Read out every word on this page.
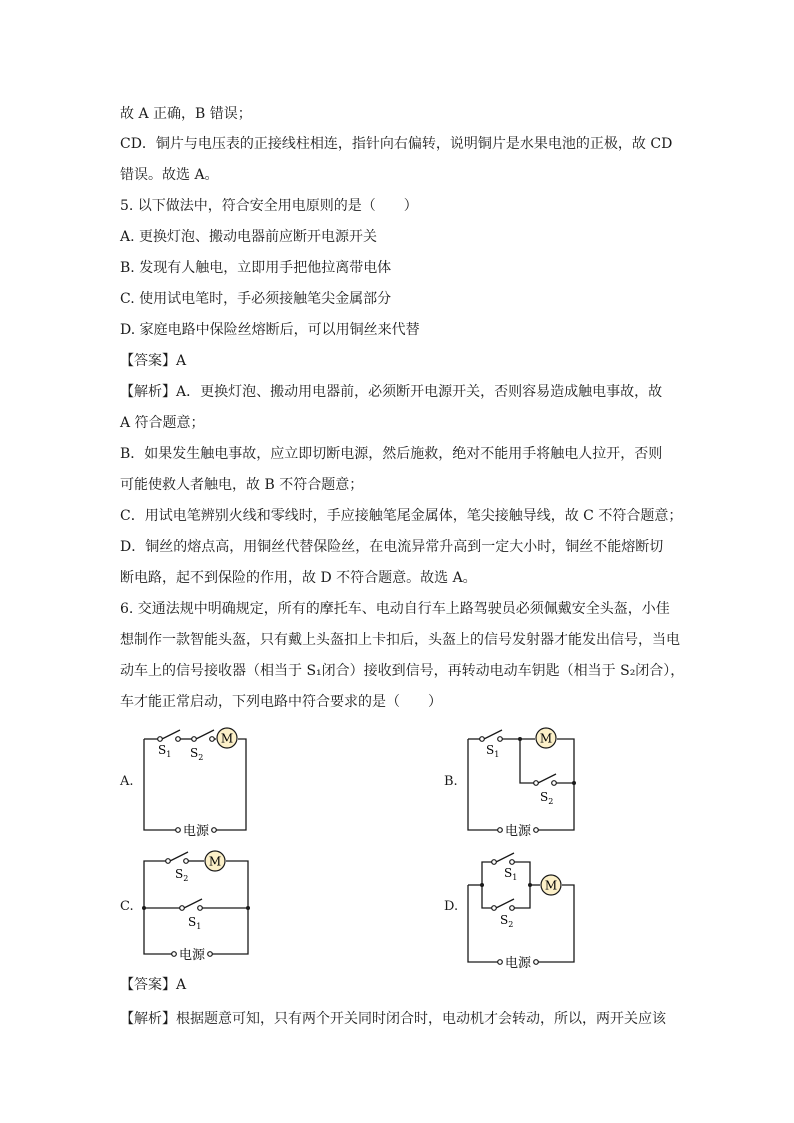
故 A 正确，B 错误；
CD．铜片与电压表的正接线柱相连，指针向右偏转，说明铜片是水果电池的正极，故 CD
错误。故选 A。
5. 以下做法中，符合安全用电原则的是（　　）
A. 更换灯泡、搬动电器前应断开电源开关
B. 发现有人触电，立即用手把他拉离带电体
C. 使用试电笔时，手必须接触笔尖金属部分
D. 家庭电路中保险丝熔断后，可以用铜丝来代替
【答案】A
【解析】A．更换灯泡、搬动用电器前，必须断开电源开关，否则容易造成触电事故，故
A 符合题意；
B．如果发生触电事故，应立即切断电源，然后施救，绝对不能用手将触电人拉开，否则
可能使救人者触电，故 B 不符合题意；
C．用试电笔辨别火线和零线时，手应接触笔尾金属体，笔尖接触导线，故 C 不符合题意；
D．铜丝的熔点高，用铜丝代替保险丝，在电流异常升高到一定大小时，铜丝不能熔断切
断电路，起不到保险的作用，故 D 不符合题意。故选 A。
6. 交通法规中明确规定，所有的摩托车、电动自行车上路驾驶员必须佩戴安全头盔，小佳
想制作一款智能头盔，只有戴上头盔扣上卡扣后，头盔上的信号发射器才能发出信号，当电
动车上的信号接收器（相当于 S₁闭合）接收到信号，再转动电动车钥匙（相当于 S₂闭合），
车才能正常启动，下列电路中符合要求的是（　　）
A.	B.
C.	D.
M
$S_1$ $S_2$
电源
M
$S_1$
$S_2$
电源
M
$S_2$
$S_1$
电源
M
$S_1$
$S_2$
电源
【答案】A
【解析】根据题意可知，只有两个开关同时闭合时，电动机才会转动，所以，两开关应该
